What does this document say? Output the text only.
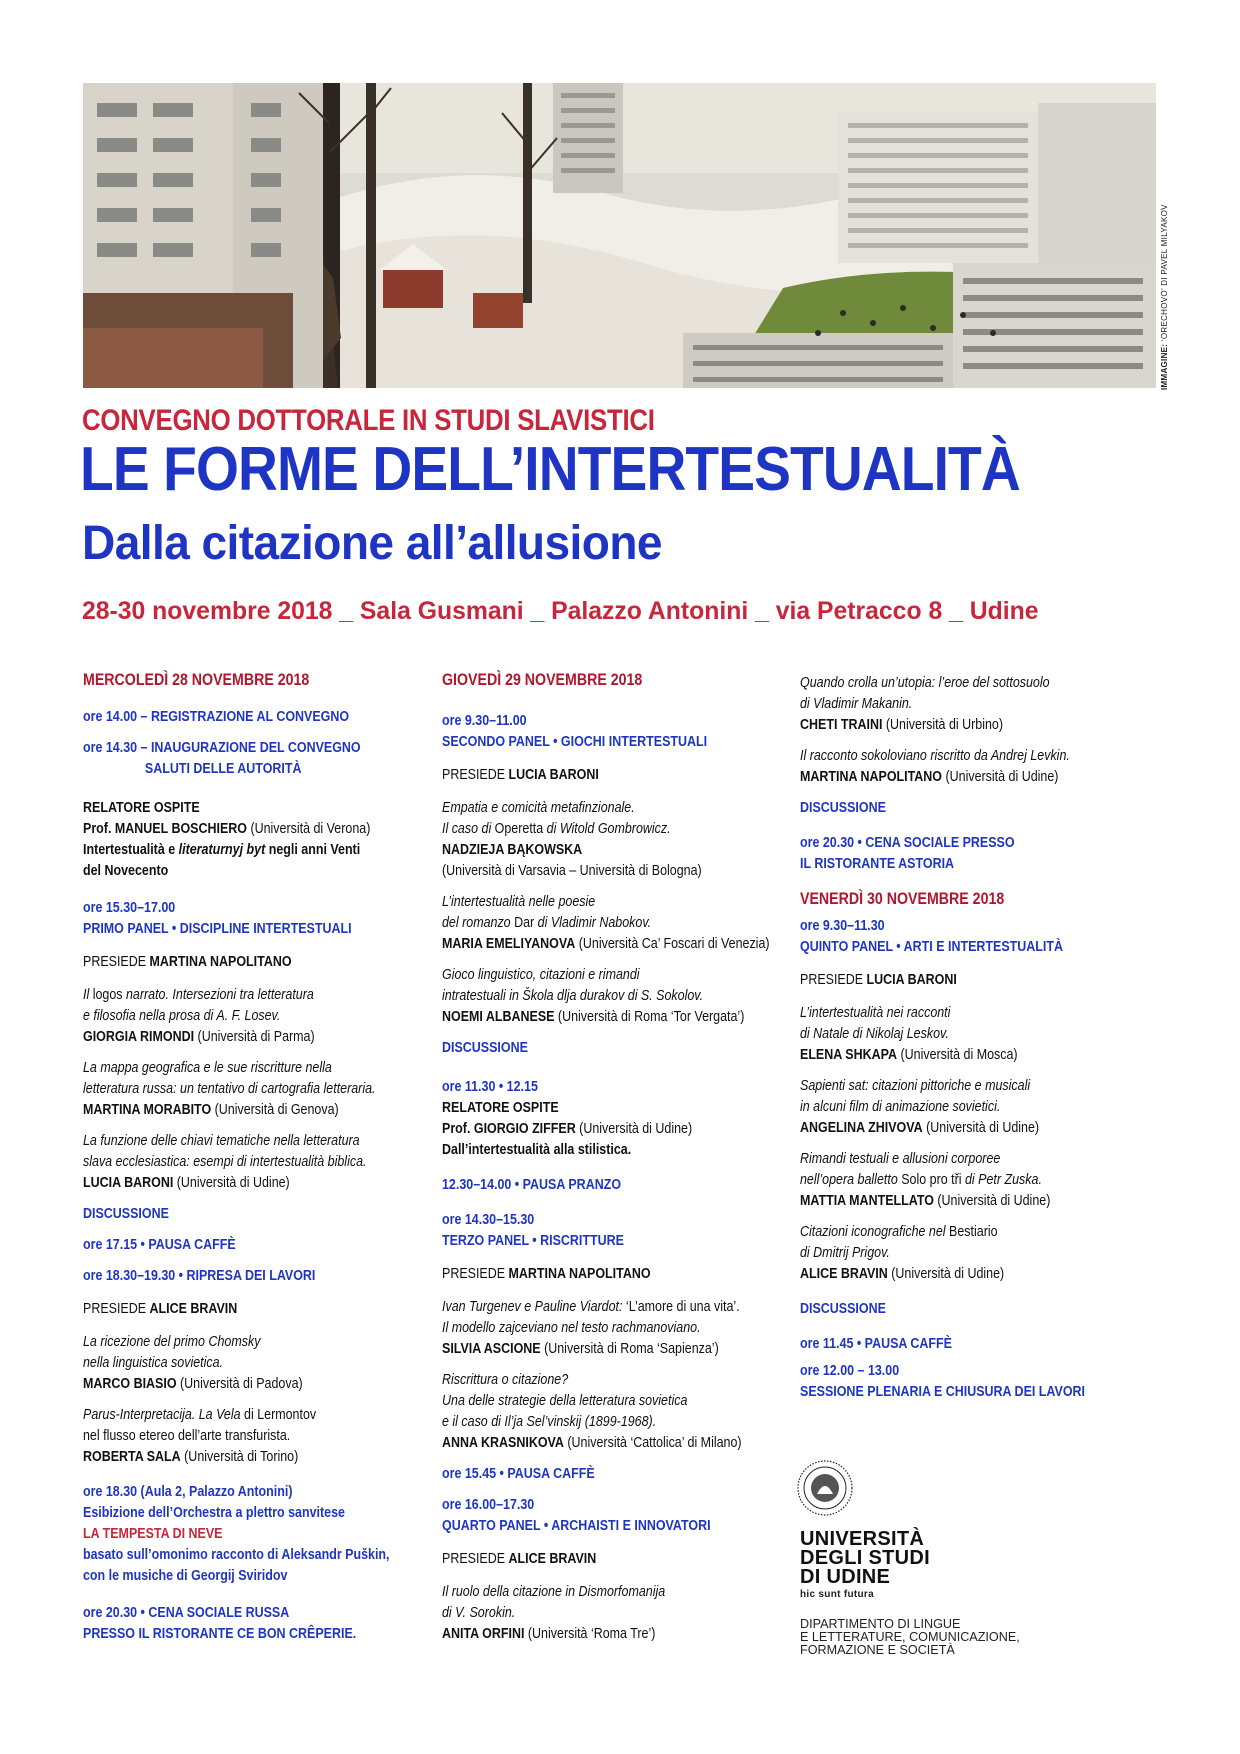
IMMAGINE: ‘ORECHOVO’ DI PAVEL MILYAKOV
CONVEGNO DOTTORALE IN STUDI SLAVISTICI
LE FORME DELL’INTERTESTUALITÀ
Dalla citazione all’allusione
28-30 novembre 2018 _ Sala Gusmani _ Palazzo Antonini _ via Petracco 8 _ Udine
MERCOLEDÌ 28 NOVEMBRE 2018
ore 14.00 – REGISTRAZIONE AL CONVEGNO
ore 14.30 – INAUGURAZIONE DEL CONVEGNO
SALUTI DELLE AUTORITÀ
RELATORE OSPITE
Prof. MANUEL BOSCHIERO (Università di Verona)
Intertestualità e literaturnyj byt negli anni Venti
del Novecento
ore 15.30–17.00
PRIMO PANEL • DISCIPLINE INTERTESTUALI
PRESIEDE MARTINA NAPOLITANO
Il logos narrato. Intersezioni tra letteratura
e filosofia nella prosa di A. F. Losev.
GIORGIA RIMONDI (Università di Parma)
La mappa geografica e le sue riscritture nella
letteratura russa: un tentativo di cartografia letteraria.
MARTINA MORABITO (Università di Genova)
La funzione delle chiavi tematiche nella letteratura
slava ecclesiastica: esempi di intertestualità biblica.
LUCIA BARONI (Università di Udine)
DISCUSSIONE
ore 17.15 • PAUSA CAFFÈ
ore 18.30–19.30 • RIPRESA DEI LAVORI
PRESIEDE ALICE BRAVIN
La ricezione del primo Chomsky
nella linguistica sovietica.
MARCO BIASIO (Università di Padova)
Parus-Interpretacija. La Vela di Lermontov
nel flusso etereo dell’arte transfurista.
ROBERTA SALA (Università di Torino)
ore 18.30 (Aula 2, Palazzo Antonini)
Esibizione dell’Orchestra a plettro sanvitese
LA TEMPESTA DI NEVE
basato sull’omonimo racconto di Aleksandr Puškin,
con le musiche di Georgij Sviridov
ore 20.30 • CENA SOCIALE RUSSA
PRESSO IL RISTORANTE CE BON CRÊPERIE.
GIOVEDÌ 29 NOVEMBRE 2018
ore 9.30–11.00
SECONDO PANEL • GIOCHI INTERTESTUALI
PRESIEDE LUCIA BARONI
Empatia e comicità metafinzionale.
Il caso di Operetta di Witold Gombrowicz.
NADZIEJA BĄKOWSKA
(Università di Varsavia – Università di Bologna)
L’intertestualità nelle poesie
del romanzo Dar di Vladimir Nabokov.
MARIA EMELIYANOVA (Università Ca’ Foscari di Venezia)
Gioco linguistico, citazioni e rimandi
intratestuali in Škola dlja durakov di S. Sokolov.
NOEMI ALBANESE (Università di Roma ‘Tor Vergata’)
DISCUSSIONE
ore 11.30 • 12.15
RELATORE OSPITE
Prof. GIORGIO ZIFFER (Università di Udine)
Dall’intertestualità alla stilistica.
12.30–14.00 • PAUSA PRANZO
ore 14.30–15.30
TERZO PANEL • RISCRITTURE
PRESIEDE MARTINA NAPOLITANO
Ivan Turgenev e Pauline Viardot: ‘L’amore di una vita’.
Il modello zajceviano nel testo rachmanoviano.
SILVIA ASCIONE (Università di Roma ‘Sapienza’)
Riscrittura o citazione?
Una delle strategie della letteratura sovietica
e il caso di Il’ja Sel’vinskij (1899-1968).
ANNA KRASNIKOVA (Università ‘Cattolica’ di Milano)
ore 15.45 • PAUSA CAFFÈ
ore 16.00–17.30
QUARTO PANEL • ARCHAISTI E INNOVATORI
PRESIEDE ALICE BRAVIN
Il ruolo della citazione in Dismorfomanija
di V. Sorokin.
ANITA ORFINI (Università ‘Roma Tre’)
Quando crolla un’utopia: l’eroe del sottosuolo
di Vladimir Makanin.
CHETI TRAINI (Università di Urbino)
Il racconto sokoloviano riscritto da Andrej Levkin.
MARTINA NAPOLITANO (Università di Udine)
DISCUSSIONE
ore 20.30 • CENA SOCIALE PRESSO
IL RISTORANTE ASTORIA
VENERDÌ 30 NOVEMBRE 2018
ore 9.30–11.30
QUINTO PANEL • ARTI E INTERTESTUALITÀ
PRESIEDE LUCIA BARONI
L’intertestualità nei racconti
di Natale di Nikolaj Leskov.
ELENA SHKAPA (Università di Mosca)
Sapienti sat: citazioni pittoriche e musicali
in alcuni film di animazione sovietici.
ANGELINA ZHIVOVA (Università di Udine)
Rimandi testuali e allusioni corporee
nell’opera balletto Solo pro tři di Petr Zuska.
MATTIA MANTELLATO (Università di Udine)
Citazioni iconografiche nel Bestiario
di Dmitrij Prigov.
ALICE BRAVIN (Università di Udine)
DISCUSSIONE
ore 11.45 • PAUSA CAFFÈ
ore 12.00 – 13.00
SESSIONE PLENARIA E CHIUSURA DEI LAVORI
UNIVERSITÀ
DEGLI STUDI
DI UDINE
hic sunt futura
DIPARTIMENTO DI LINGUE
E LETTERATURE, COMUNICAZIONE,
FORMAZIONE E SOCIETÀ
